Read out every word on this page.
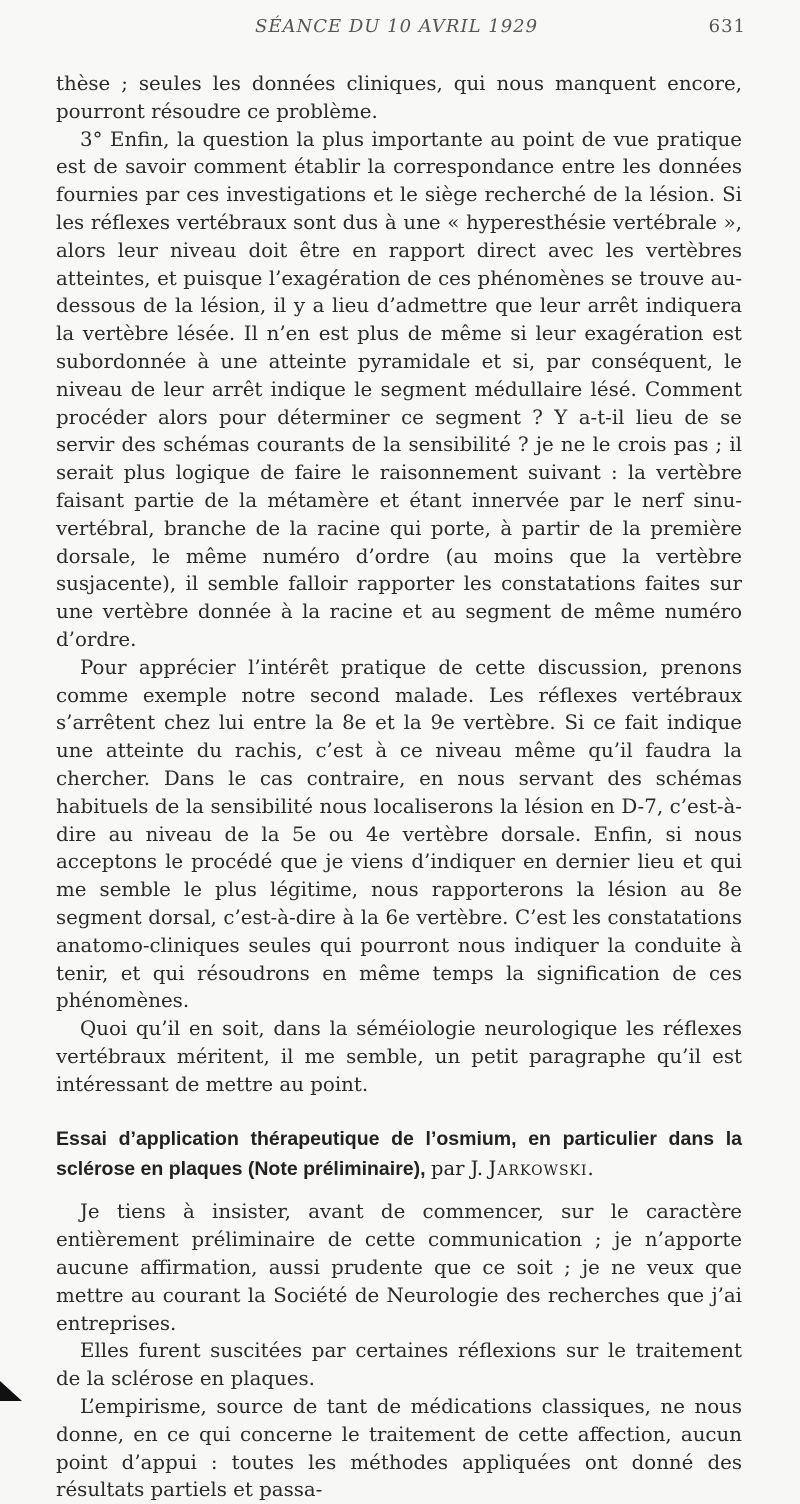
SÉANCE DU 10 AVRIL 1929	631

thèse ; seules les données cliniques, qui nous manquent encore, pourront résoudre ce problème.

3° Enfin, la question la plus importante au point de vue pratique est de savoir comment établir la correspondance entre les données fournies par ces investigations et le siège recherché de la lésion. Si les réflexes vertébraux sont dus à une « hyperesthésie vertébrale », alors leur niveau doit être en rapport direct avec les vertèbres atteintes, et puisque l’exagération de ces phénomènes se trouve au-dessous de la lésion, il y a lieu d’admettre que leur arrêt indiquera la vertèbre lésée. Il n’en est plus de même si leur exagération est subordonnée à une atteinte pyramidale et si, par conséquent, le niveau de leur arrêt indique le segment médullaire lésé. Comment procéder alors pour déterminer ce segment ? Y a-t-il lieu de se servir des schémas courants de la sensibilité ? je ne le crois pas ; il serait plus logique de faire le raisonnement suivant : la vertèbre faisant partie de la métamère et étant innervée par le nerf sinu-vertébral, branche de la racine qui porte, à partir de la première dorsale, le même numéro d’ordre (au moins que la vertèbre susjacente), il semble falloir rapporter les constatations faites sur une vertèbre donnée à la racine et au segment de même numéro d’ordre.

Pour apprécier l’intérêt pratique de cette discussion, prenons comme exemple notre second malade. Les réflexes vertébraux s’arrêtent chez lui entre la 8e et la 9e vertèbre. Si ce fait indique une atteinte du rachis, c’est à ce niveau même qu’il faudra la chercher. Dans le cas contraire, en nous servant des schémas habituels de la sensibilité nous localiserons la lésion en D-7, c’est-à-dire au niveau de la 5e ou 4e vertèbre dorsale. Enfin, si nous acceptons le procédé que je viens d’indiquer en dernier lieu et qui me semble le plus légitime, nous rapporterons la lésion au 8e segment dorsal, c’est-à-dire à la 6e vertèbre. C’est les constatations anatomo-cliniques seules qui pourront nous indiquer la conduite à tenir, et qui résoudrons en même temps la signification de ces phénomènes.

Quoi qu’il en soit, dans la séméiologie neurologique les réflexes vertébraux méritent, il me semble, un petit paragraphe qu’il est intéressant de mettre au point.

Essai d’application thérapeutique de l’osmium, en particulier dans la sclérose en plaques (Note préliminaire), par J. Jarkowski.

Je tiens à insister, avant de commencer, sur le caractère entièrement préliminaire de cette communication ; je n’apporte aucune affirmation, aussi prudente que ce soit ; je ne veux que mettre au courant la Société de Neurologie des recherches que j’ai entreprises.

Elles furent suscitées par certaines réflexions sur le traitement de la sclérose en plaques.

L’empirisme, source de tant de médications classiques, ne nous donne, en ce qui concerne le traitement de cette affection, aucun point d’appui : toutes les méthodes appliquées ont donné des résultats partiels et passa-
